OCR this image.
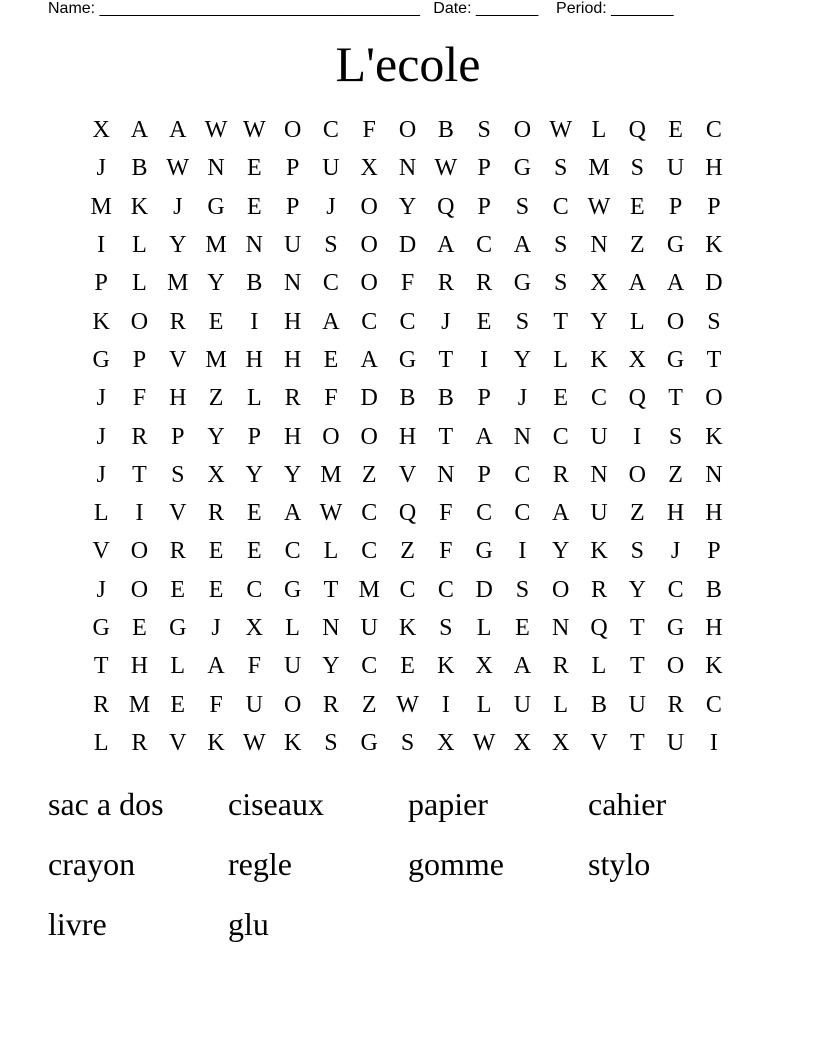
Name: ____________________________________ Date: _______ Period: _______
L'ecole
X A A W W O C F O B S O W L Q E C
J	B W N E	P U X N W P G S M S U H
M K	J	G E	P	J	O Y Q P	S C W E	P	P
I	L Y M N U S O D A C A S N Z G K
P	L M Y B N C O F R R G S X A A D
K O R E	I	H A C C	J	E	S	T Y L O S
G P V M H H E A G T	I	Y L K X G T
J	F H Z L R F D B B P	J	E C Q T O
J	R P Y P H O O H T A N C U	I	S K
J	T	S X Y Y M Z V N P C R N O Z N
L	I	V R E A W C Q F C C A U Z H H
V O R E E C L C Z	F G	I	Y K S	J	P
J	O E E C G T M C C D S O R Y C B
G E G	J	X L N U K S	L E N Q T G H
T H L A F U Y C E K X A R L T O K
R M E	F U O R Z W I	L U L B U R C
L R V K W K S G S X W X X V T U	I
sac a dos	ciseaux	papier	cahier
crayon	regle	gomme	stylo
livre	glu
